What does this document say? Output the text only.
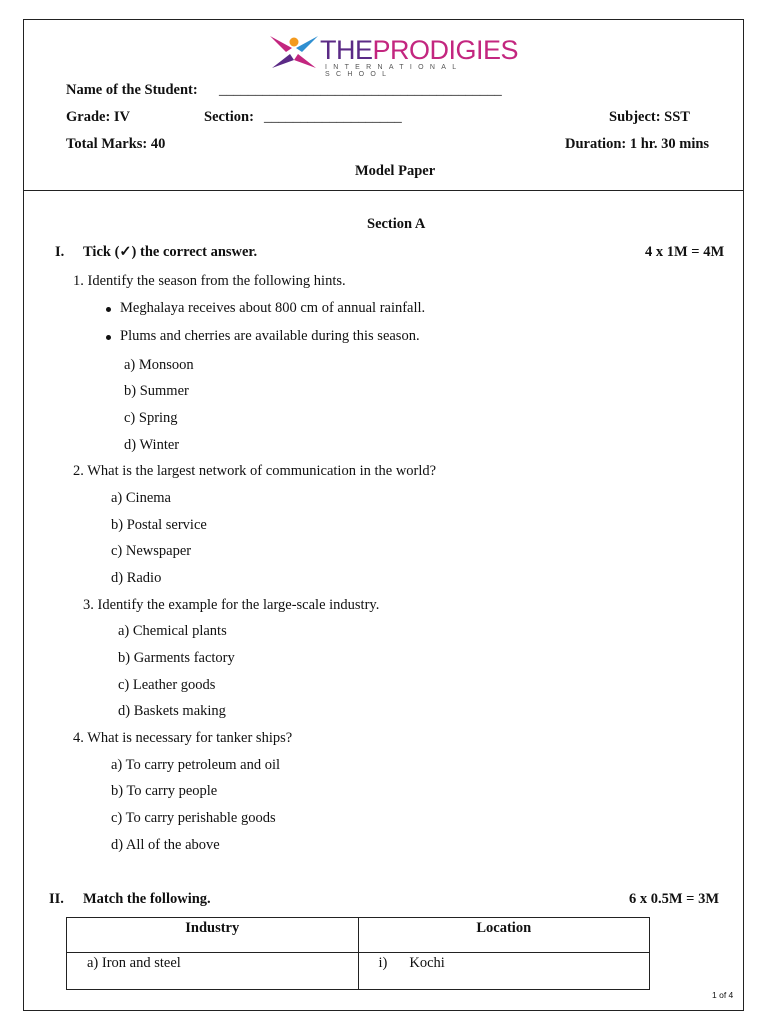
THEPRODIGIES
INTERNATIONAL SCHOOL
Name of the Student: _______________________________________
Grade: IV	Section: ___________________	Subject: SST
Total Marks: 40	Duration: 1 hr. 30 mins
Model Paper
Section A
I. Tick (✓) the correct answer.	4 x 1M = 4M
1. Identify the season from the following hints.
Meghalaya receives about 800 cm of annual rainfall.
Plums and cherries are available during this season.
a) Monsoon
b) Summer
c) Spring
d) Winter
2. What is the largest network of communication in the world?
a) Cinema
b) Postal service
c) Newspaper
d) Radio
3. Identify the example for the large-scale industry.
a) Chemical plants
b) Garments factory
c) Leather goods
d) Baskets making
4. What is necessary for tanker ships?
a) To carry petroleum and oil
b) To carry people
c) To carry perishable goods
d) All of the above
II. Match the following.	6 x 0.5M = 3M
Industry	Location
a) Iron and steel	i) Kochi
1 of 4
